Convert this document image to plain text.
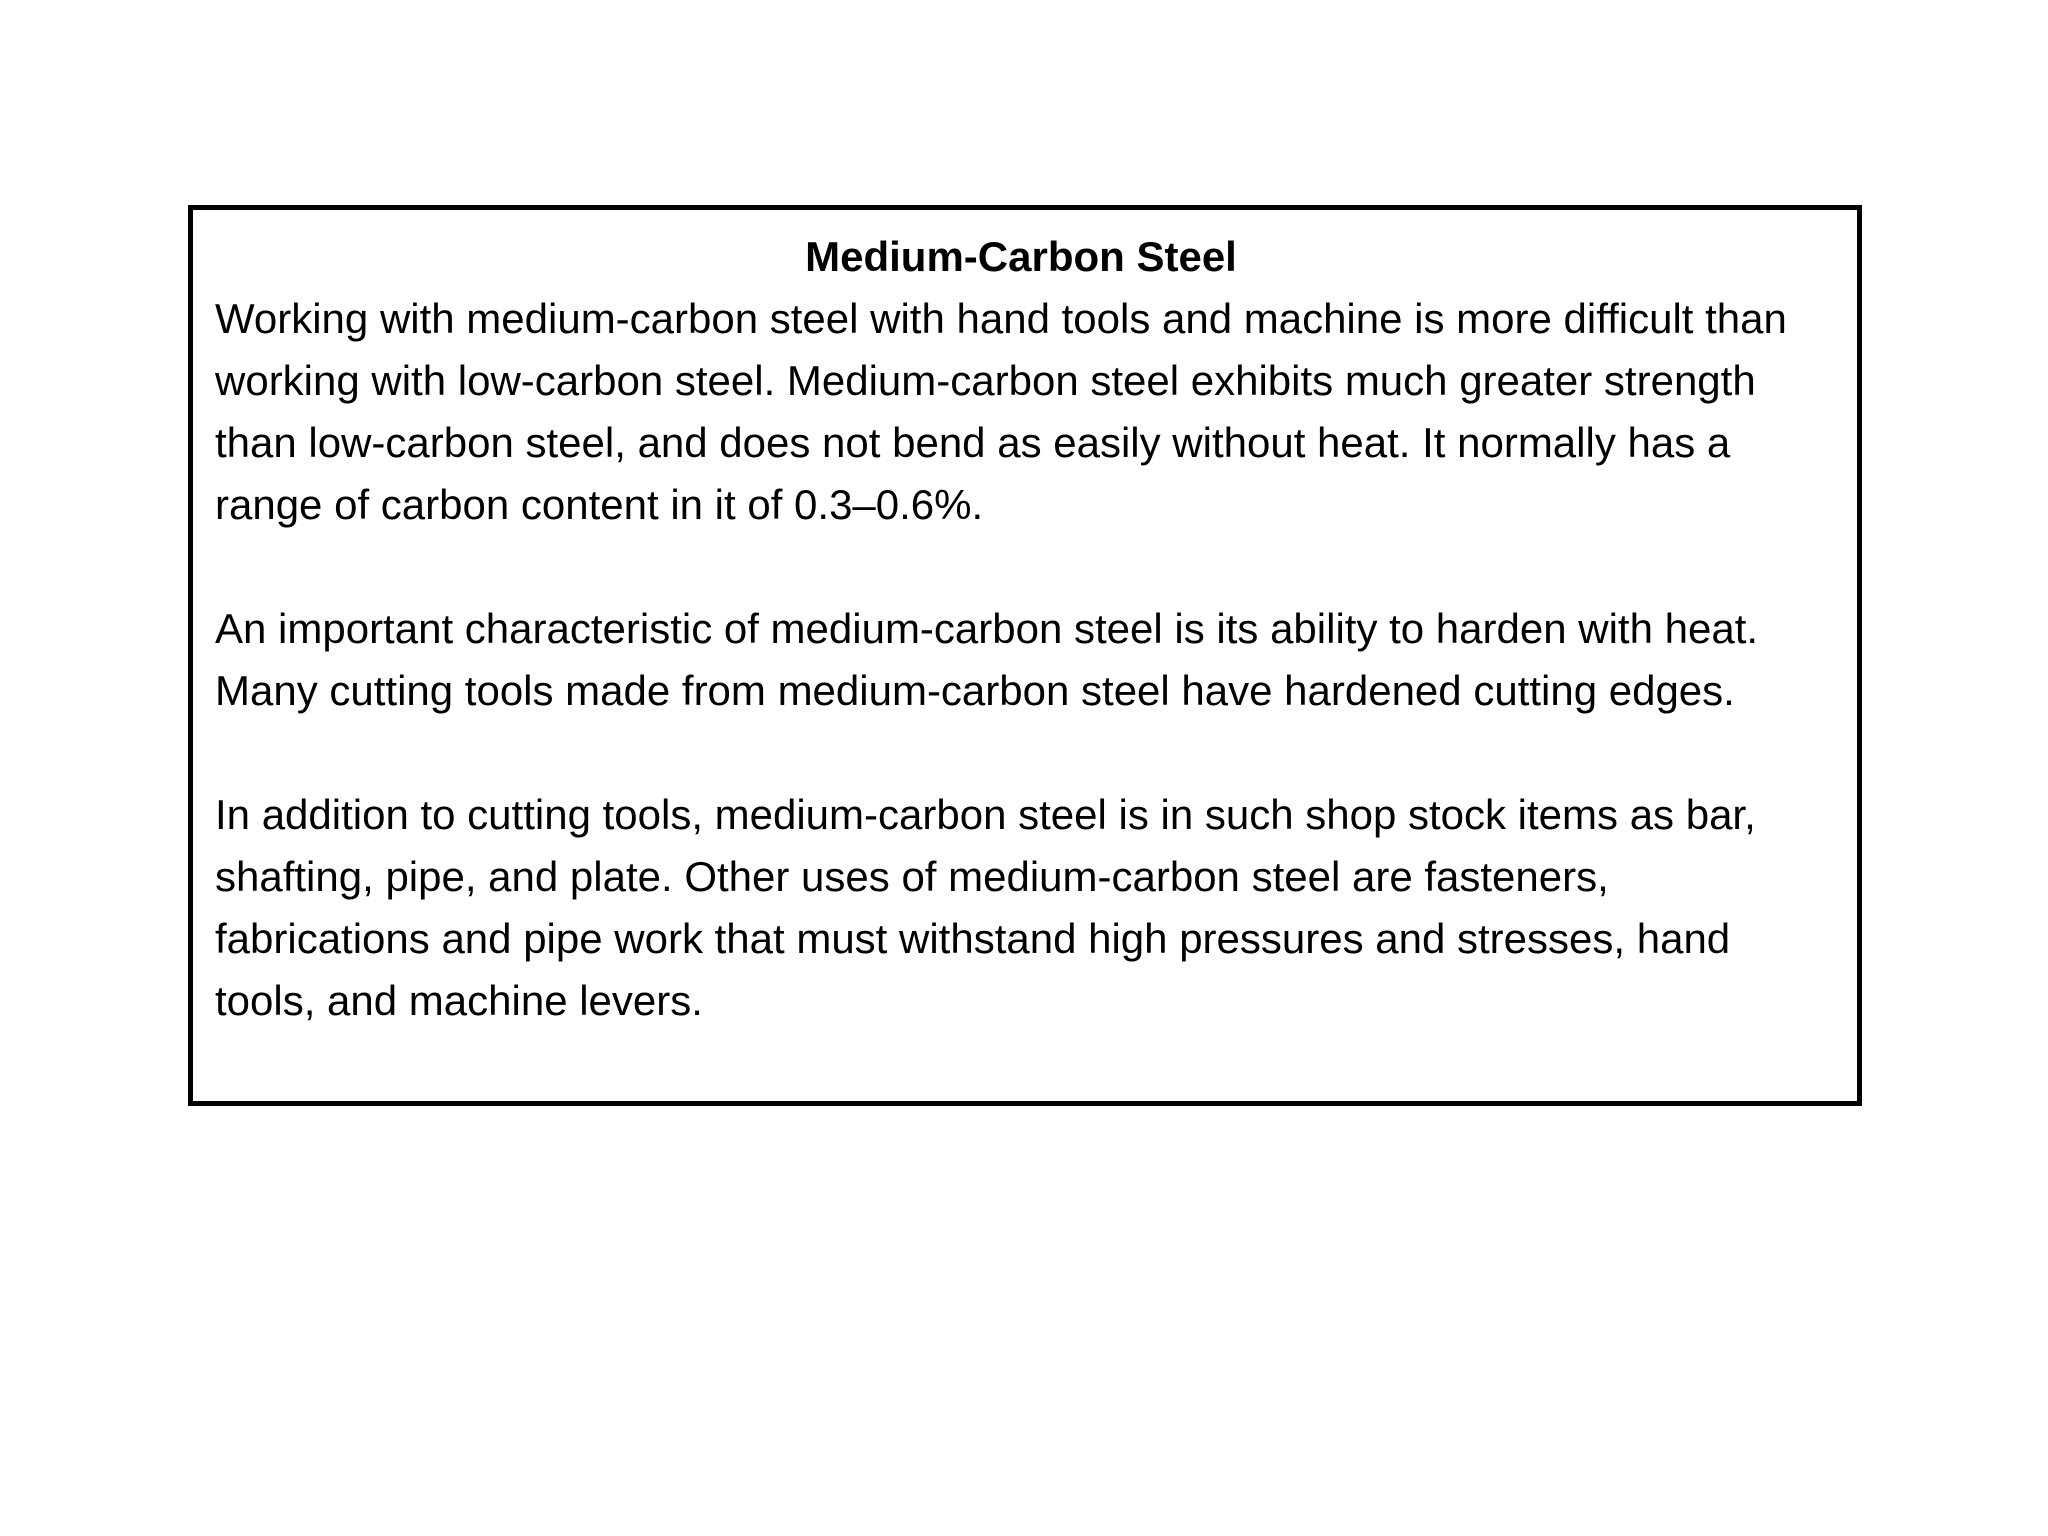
Medium-Carbon Steel

Working with medium-carbon steel with hand tools and machine is more difficult than working with low-carbon steel. Medium-carbon steel exhibits much greater strength than low-carbon steel, and does not bend as easily without heat. It normally has a range of carbon content in it of 0.3–0.6%.

An important characteristic of medium-carbon steel is its ability to harden with heat. Many cutting tools made from medium-carbon steel have hardened cutting edges.

In addition to cutting tools, medium-carbon steel is in such shop stock items as bar, shafting, pipe, and plate. Other uses of medium-carbon steel are fasteners, fabrications and pipe work that must withstand high pressures and stresses, hand tools, and machine levers.
